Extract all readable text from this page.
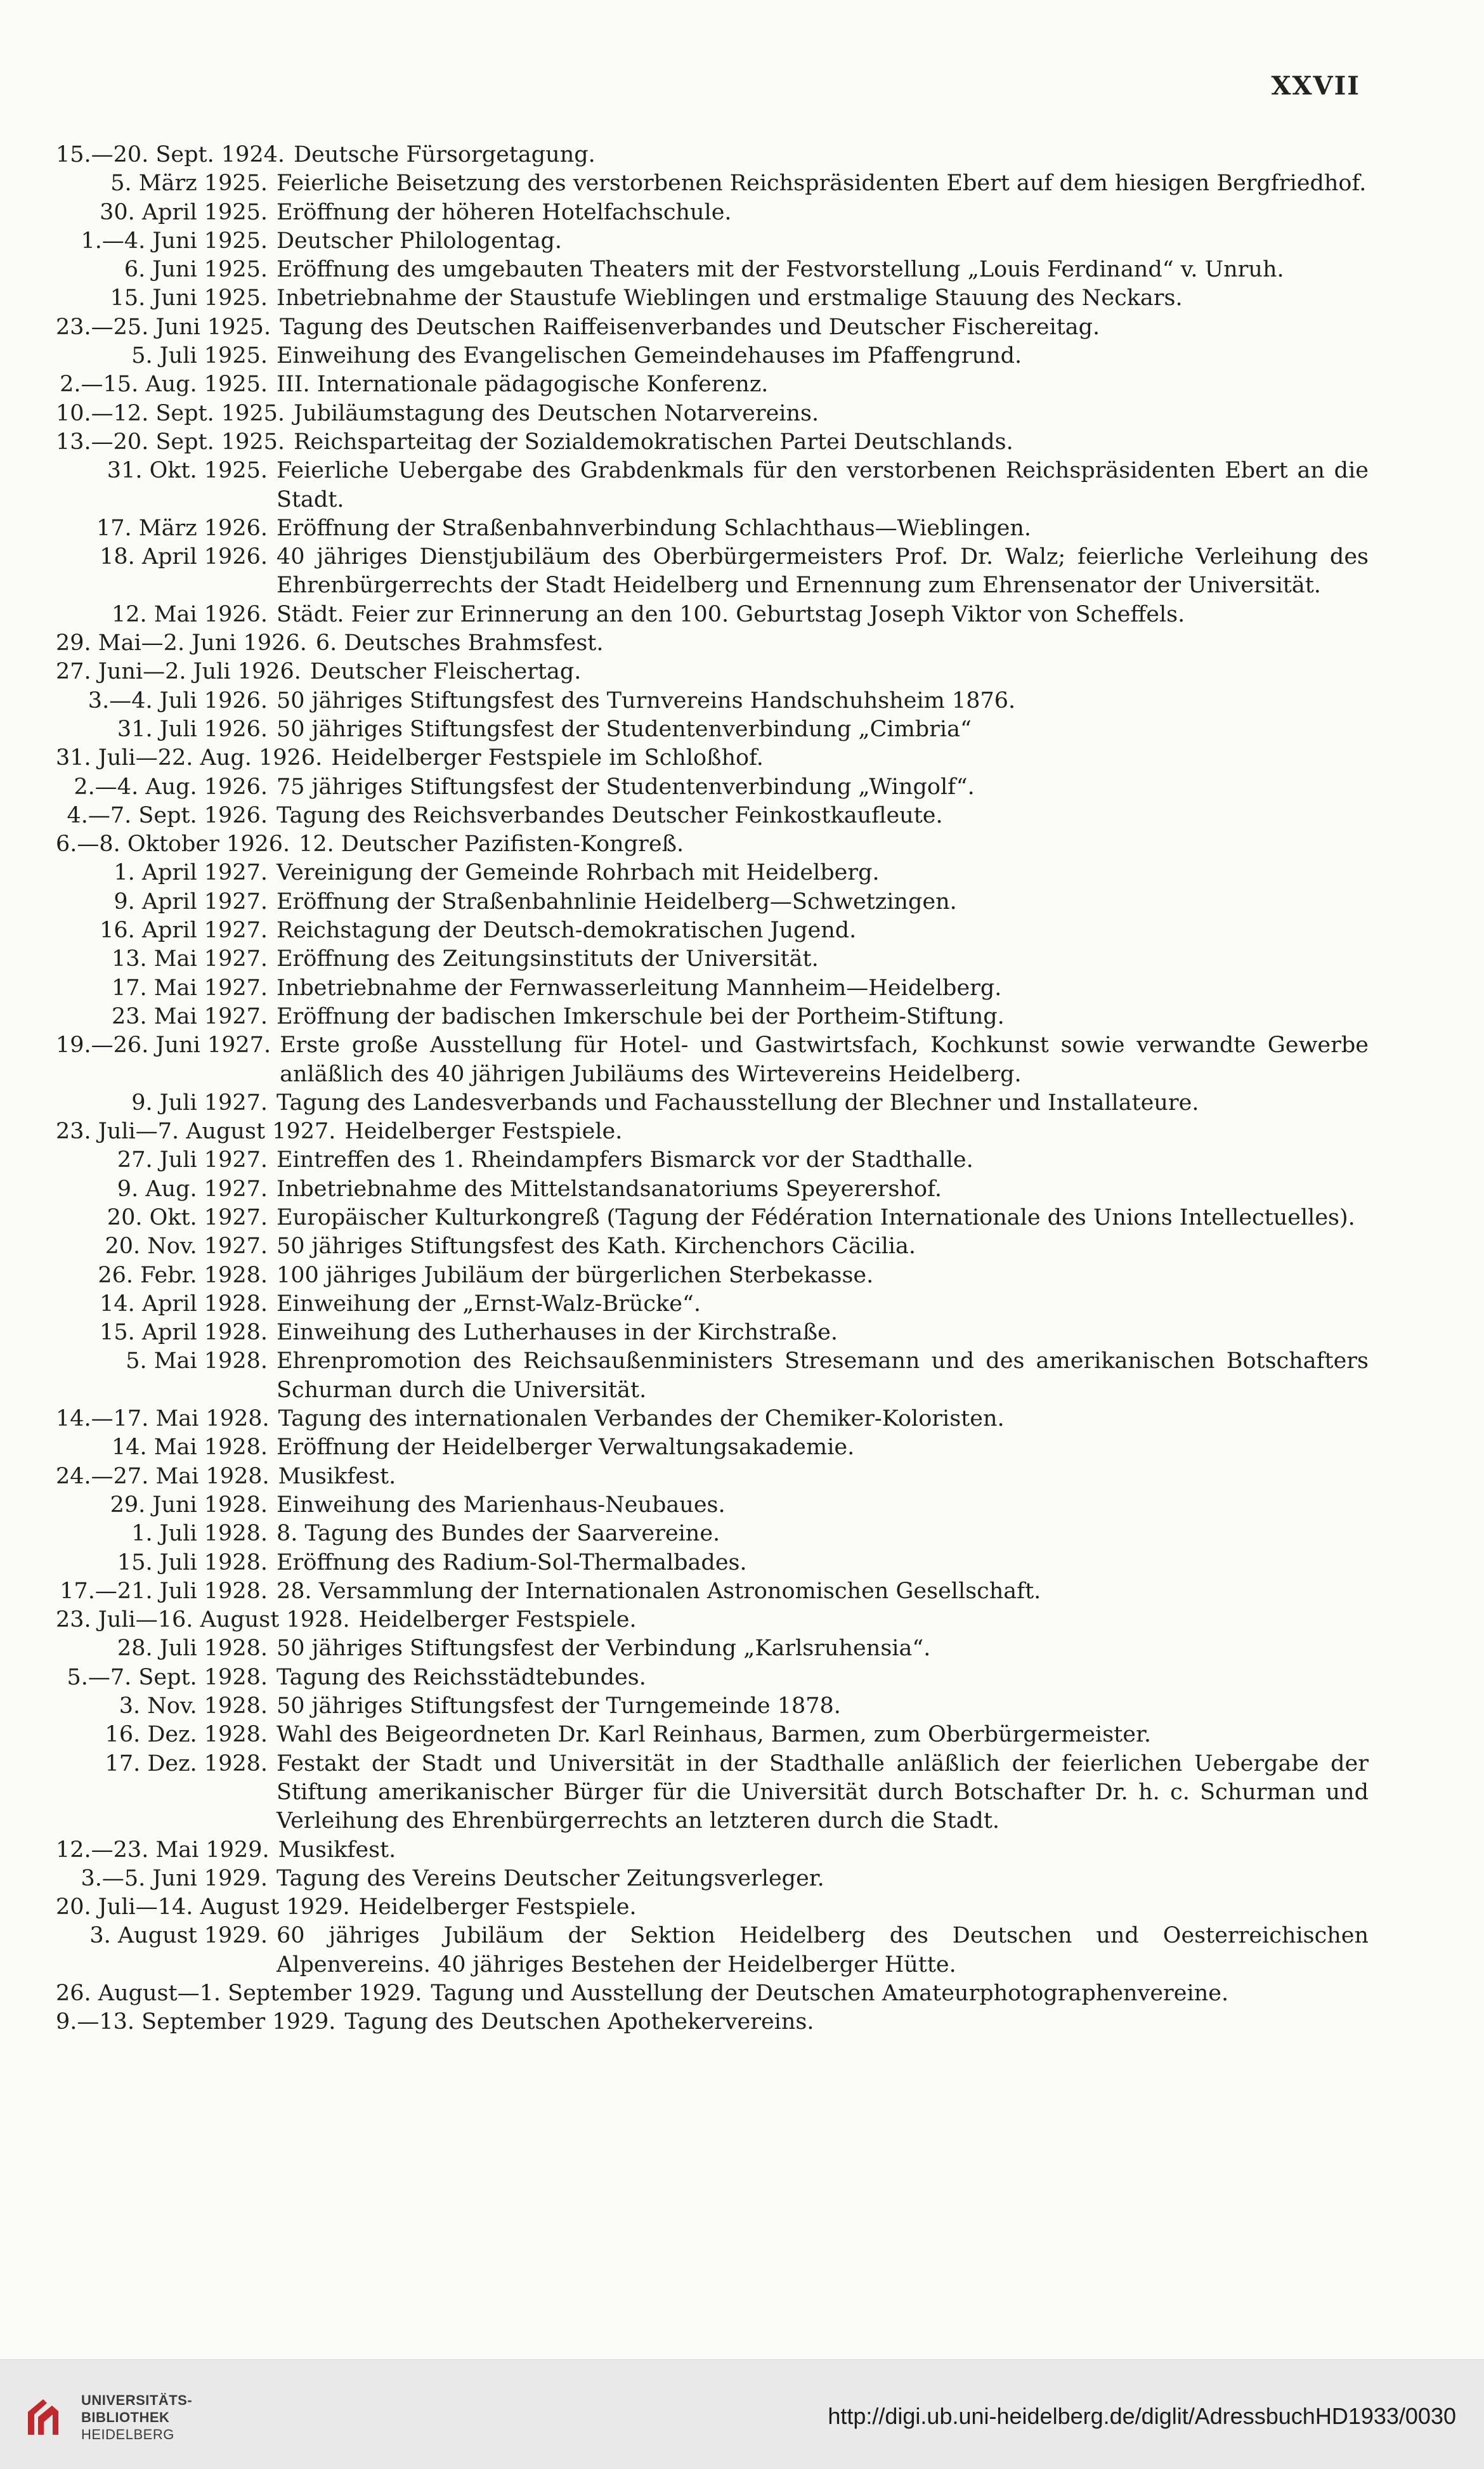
XXVII
15.—20. Sept. 1924. Deutsche Fürsorgetagung.
5. März 1925. Feierliche Beisetzung des verstorbenen Reichspräsidenten Ebert auf dem hiesigen Bergfriedhof.
30. April 1925. Eröffnung der höheren Hotelfachschule.
1.—4. Juni 1925. Deutscher Philologentag.
6. Juni 1925. Eröffnung des umgebauten Theaters mit der Festvorstellung „Louis Ferdinand“ v. Unruh.
15. Juni 1925. Inbetriebnahme der Staustufe Wieblingen und erstmalige Stauung des Neckars.
23.—25. Juni 1925. Tagung des Deutschen Raiffeisenverbandes und Deutscher Fischereitag.
5. Juli 1925. Einweihung des Evangelischen Gemeindehauses im Pfaffengrund.
2.—15. Aug. 1925. III. Internationale pädagogische Konferenz.
10.—12. Sept. 1925. Jubiläumstagung des Deutschen Notarvereins.
13.—20. Sept. 1925. Reichsparteitag der Sozialdemokratischen Partei Deutschlands.
31. Okt. 1925. Feierliche Uebergabe des Grabdenkmals für den verstorbenen Reichspräsidenten Ebert an die Stadt.
17. März 1926. Eröffnung der Straßenbahnverbindung Schlachthaus—Wieblingen.
18. April 1926. 40 jähriges Dienstjubiläum des Oberbürgermeisters Prof. Dr. Walz; feierliche Verleihung des Ehrenbürgerrechts der Stadt Heidelberg und Ernennung zum Ehrensenator der Universität.
12. Mai 1926. Städt. Feier zur Erinnerung an den 100. Geburtstag Joseph Viktor von Scheffels.
29. Mai—2. Juni 1926. 6. Deutsches Brahmsfest.
27. Juni—2. Juli 1926. Deutscher Fleischertag.
3.—4. Juli 1926. 50 jähriges Stiftungsfest des Turnvereins Handschuhsheim 1876.
31. Juli 1926. 50 jähriges Stiftungsfest der Studentenverbindung „Cimbria“
31. Juli—22. Aug. 1926. Heidelberger Festspiele im Schloßhof.
2.—4. Aug. 1926. 75 jähriges Stiftungsfest der Studentenverbindung „Wingolf“.
4.—7. Sept. 1926. Tagung des Reichsverbandes Deutscher Feinkostkaufleute.
6.—8. Oktober 1926. 12. Deutscher Pazifisten-Kongreß.
1. April 1927. Vereinigung der Gemeinde Rohrbach mit Heidelberg.
9. April 1927. Eröffnung der Straßenbahnlinie Heidelberg—Schwetzingen.
16. April 1927. Reichstagung der Deutsch-demokratischen Jugend.
13. Mai 1927. Eröffnung des Zeitungsinstituts der Universität.
17. Mai 1927. Inbetriebnahme der Fernwasserleitung Mannheim—Heidelberg.
23. Mai 1927. Eröffnung der badischen Imkerschule bei der Portheim-Stiftung.
19.—26. Juni 1927. Erste große Ausstellung für Hotel- und Gastwirtsfach, Kochkunst sowie verwandte Gewerbe anläßlich des 40 jährigen Jubiläums des Wirtevereins Heidelberg.
9. Juli 1927. Tagung des Landesverbands und Fachausstellung der Blechner und Installateure.
23. Juli—7. August 1927. Heidelberger Festspiele.
27. Juli 1927. Eintreffen des 1. Rheindampfers Bismarck vor der Stadthalle.
9. Aug. 1927. Inbetriebnahme des Mittelstandsanatoriums Speyerershof.
20. Okt. 1927. Europäischer Kulturkongreß (Tagung der Fédération Internationale des Unions Intellectuelles).
20. Nov. 1927. 50 jähriges Stiftungsfest des Kath. Kirchenchors Cäcilia.
26. Febr. 1928. 100 jähriges Jubiläum der bürgerlichen Sterbekasse.
14. April 1928. Einweihung der „Ernst-Walz-Brücke“.
15. April 1928. Einweihung des Lutherhauses in der Kirchstraße.
5. Mai 1928. Ehrenpromotion des Reichsaußenministers Stresemann und des amerikanischen Botschafters Schurman durch die Universität.
14.—17. Mai 1928. Tagung des internationalen Verbandes der Chemiker-Koloristen.
14. Mai 1928. Eröffnung der Heidelberger Verwaltungsakademie.
24.—27. Mai 1928. Musikfest.
29. Juni 1928. Einweihung des Marienhaus-Neubaues.
1. Juli 1928. 8. Tagung des Bundes der Saarvereine.
15. Juli 1928. Eröffnung des Radium-Sol-Thermalbades.
17.—21. Juli 1928. 28. Versammlung der Internationalen Astronomischen Gesellschaft.
23. Juli—16. August 1928. Heidelberger Festspiele.
28. Juli 1928. 50 jähriges Stiftungsfest der Verbindung „Karlsruhensia“.
5.—7. Sept. 1928. Tagung des Reichsstädtebundes.
3. Nov. 1928. 50 jähriges Stiftungsfest der Turngemeinde 1878.
16. Dez. 1928. Wahl des Beigeordneten Dr. Karl Reinhaus, Barmen, zum Oberbürgermeister.
17. Dez. 1928. Festakt der Stadt und Universität in der Stadthalle anläßlich der feierlichen Uebergabe der Stiftung amerikanischer Bürger für die Universität durch Botschafter Dr. h. c. Schurman und Verleihung des Ehrenbürgerrechts an letzteren durch die Stadt.
12.—23. Mai 1929. Musikfest.
3.—5. Juni 1929. Tagung des Vereins Deutscher Zeitungsverleger.
20. Juli—14. August 1929. Heidelberger Festspiele.
3. August 1929. 60 jähriges Jubiläum der Sektion Heidelberg des Deutschen und Oesterreichischen Alpenvereins. 40 jähriges Bestehen der Heidelberger Hütte.
26. August—1. September 1929. Tagung und Ausstellung der Deutschen Amateurphotographenvereine.
9.—13. September 1929. Tagung des Deutschen Apothekervereins.
UNIVERSITÄTS-
BIBLIOTHEK
HEIDELBERG
http://digi.ub.uni-heidelberg.de/diglit/AdressbuchHD1933/0030
